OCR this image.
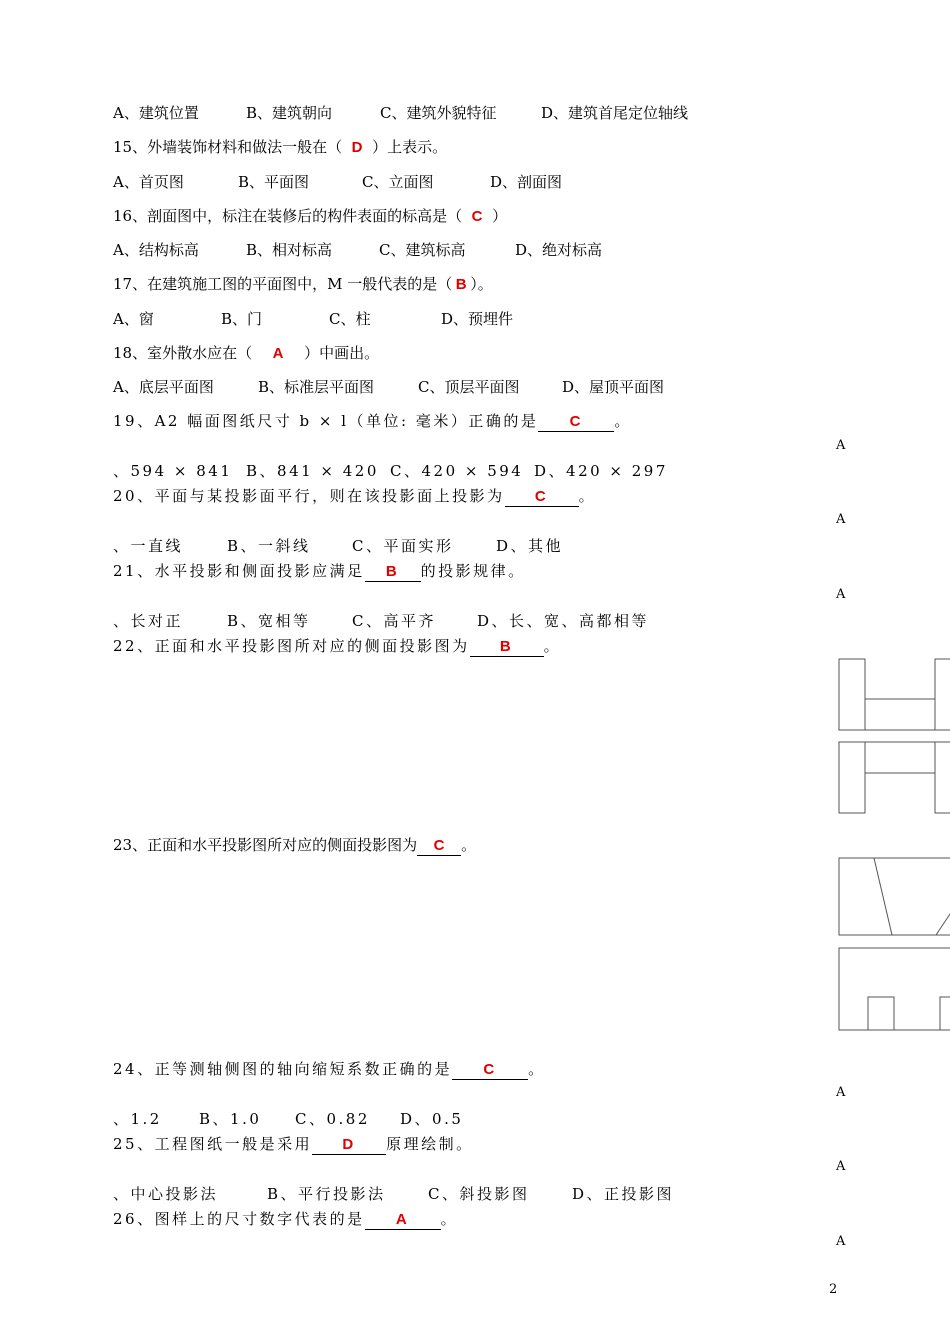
A、建筑位置	B、建筑朝向	C、建筑外貌特征	D、建筑首尾定位轴线
15、外墙装饰材料和做法一般在（ D ）上表示。
A、首页图	B、平面图	C、立面图	D、剖面图
16、剖面图中，标注在装修后的构件表面的标高是（ C ）
A、结构标高	B、相对标高	C、建筑标高	D、绝对标高
17、在建筑施工图的平面图中，M 一般代表的是（ B ）。
A、窗	B、门	C、柱	D、预埋件
18、室外散水应在（ A ）中画出。
A、底层平面图	B、标准层平面图	C、顶层平面图	D、屋顶平面图
19、A2 幅面图纸尺寸 b × l（单位: 毫米）正确的是 C 。
、594 × 841 B、841 × 420 C、420 × 594 D、420 × 297
20、平面与某投影面平行，则在该投影面上投影为 C 。
、一直线	B、一斜线	C、平面实形	D、其他
21、水平投影和侧面投影应满足 B 的投影规律。
、长对正	B、宽相等	C、高平齐	D、长、宽、高都相等
22、正面和水平投影图所对应的侧面投影图为 B 。
23、正面和水平投影图所对应的侧面投影图为 C 。
24、正等测轴侧图的轴向缩短系数正确的是 C 。
、1.2 B、1.0 C、0.82 D、0.5
25、工程图纸一般是采用 D 原理绘制。
、中心投影法	B、平行投影法	C、斜投影图	D、正投影图
26、图样上的尺寸数字代表的是 A 。
A
A
A
A
A
A
2
